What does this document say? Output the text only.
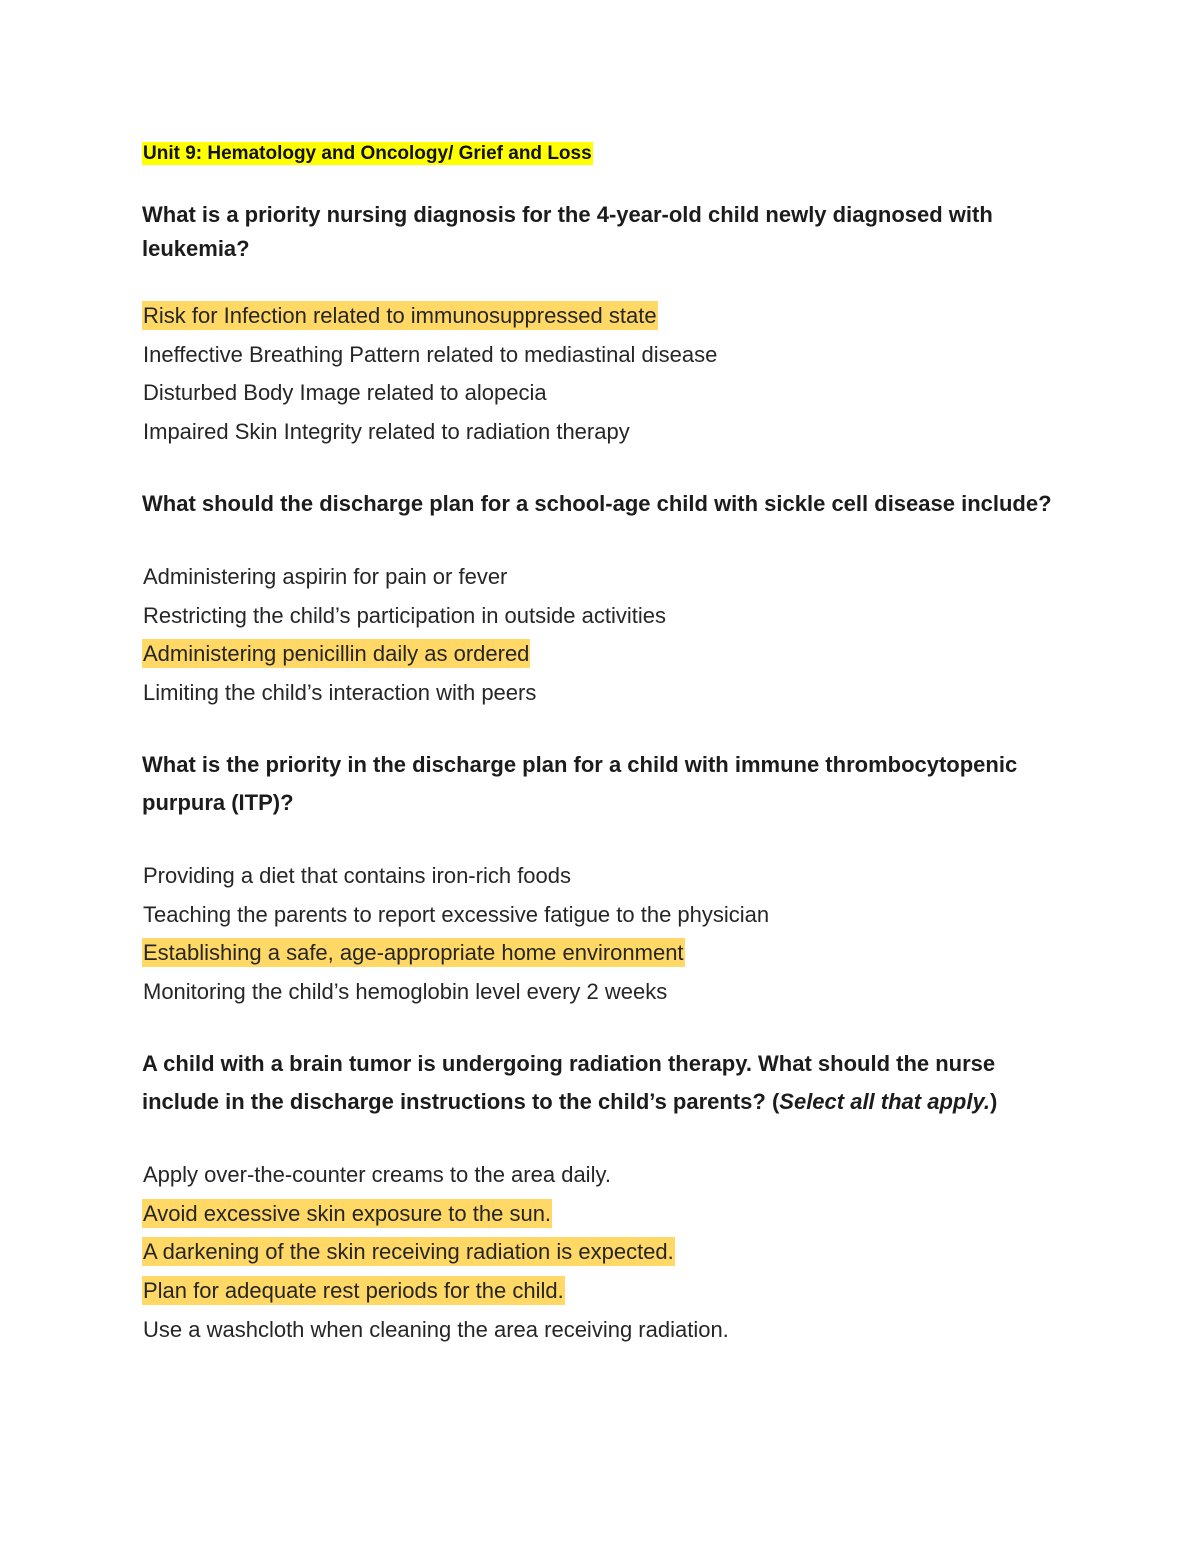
Unit 9: Hematology and Oncology/ Grief and Loss

What is a priority nursing diagnosis for the 4-year-old child newly diagnosed with leukemia?

Risk for Infection related to immunosuppressed state
Ineffective Breathing Pattern related to mediastinal disease
Disturbed Body Image related to alopecia
Impaired Skin Integrity related to radiation therapy

What should the discharge plan for a school-age child with sickle cell disease include?

Administering aspirin for pain or fever
Restricting the child’s participation in outside activities
Administering penicillin daily as ordered
Limiting the child’s interaction with peers

What is the priority in the discharge plan for a child with immune thrombocytopenic purpura (ITP)?

Providing a diet that contains iron-rich foods
Teaching the parents to report excessive fatigue to the physician
Establishing a safe, age-appropriate home environment
Monitoring the child’s hemoglobin level every 2 weeks

A child with a brain tumor is undergoing radiation therapy. What should the nurse include in the discharge instructions to the child’s parents? (Select all that apply.)

Apply over-the-counter creams to the area daily.
Avoid excessive skin exposure to the sun.
A darkening of the skin receiving radiation is expected.
Plan for adequate rest periods for the child.
Use a washcloth when cleaning the area receiving radiation.
